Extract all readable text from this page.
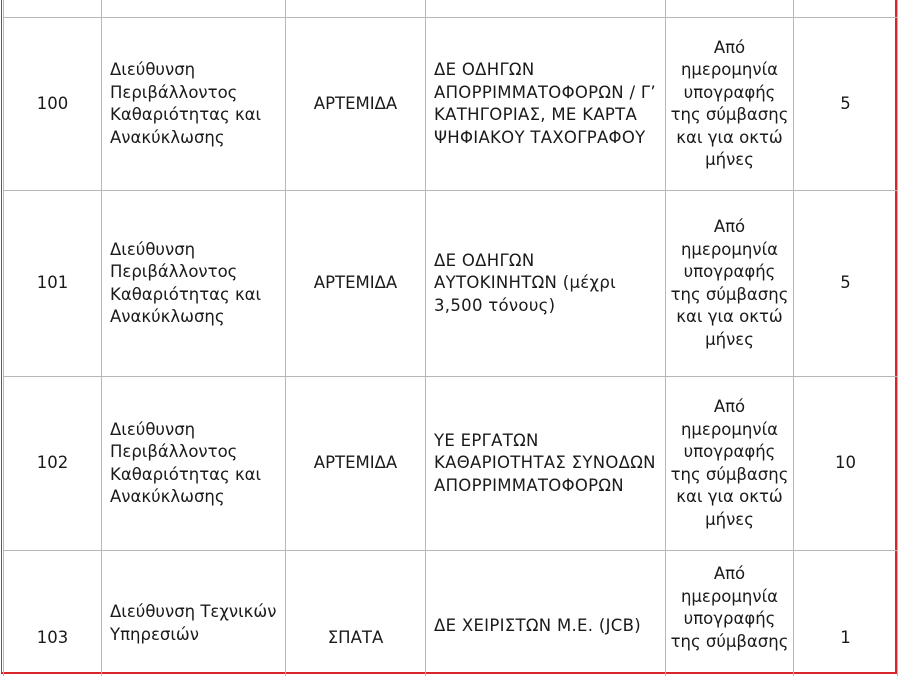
100	Διεύθυνση Περιβάλλοντος Καθαριότητας και Ανακύκλωσης	ΑΡΤΕΜΙΔΑ	ΔΕ ΟΔΗΓΩΝ ΑΠΟΡΡΙΜΜΑΤΟΦΟΡΩΝ / Γ’ ΚΑΤΗΓΟΡΙΑΣ, ΜΕ ΚΑΡΤΑ ΨΗΦΙΑΚΟΥ ΤΑΧΟΓΡΑΦΟΥ	Από ημερομηνία υπογραφής της σύμβασης και για οκτώ μήνες	5
101	Διεύθυνση Περιβάλλοντος Καθαριότητας και Ανακύκλωσης	ΑΡΤΕΜΙΔΑ	ΔΕ ΟΔΗΓΩΝ ΑΥΤΟΚΙΝΗΤΩΝ (μέχρι 3,500 τόνους)	Από ημερομηνία υπογραφής της σύμβασης και για οκτώ μήνες	5
102	Διεύθυνση Περιβάλλοντος Καθαριότητας και Ανακύκλωσης	ΑΡΤΕΜΙΔΑ	ΥΕ ΕΡΓΑΤΩΝ ΚΑΘΑΡΙΟΤΗΤΑΣ ΣΥΝΟΔΩΝ ΑΠΟΡΡΙΜΜΑΤΟΦΟΡΩΝ	Από ημερομηνία υπογραφής της σύμβασης και για οκτώ μήνες	10
103	Διεύθυνση Τεχνικών Υπηρεσιών	ΣΠΑΤΑ	ΔΕ ΧΕΙΡΙΣΤΩΝ Μ.Ε. (JCB)	Από ημερομηνία υπογραφής της σύμβασης	1
